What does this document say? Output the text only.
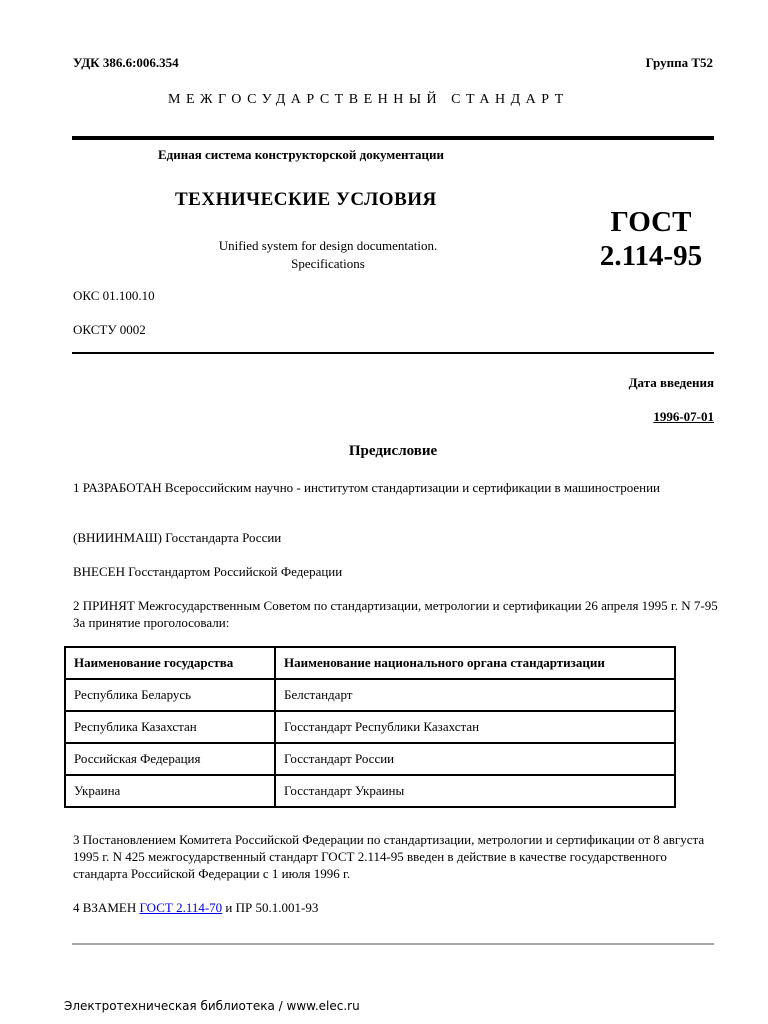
УДК 386.6:006.354	Группа Т52
МЕЖГОСУДАРСТВЕННЫЙ СТАНДАРТ
Единая система конструкторской документации
ТЕХНИЧЕСКИЕ УСЛОВИЯ
Unified system for design documentation.
Specifications
ГОСТ
2.114-95
ОКС 01.100.10
ОКСТУ 0002
Дата введения
1996-07-01
Предисловие
1 РАЗРАБОТАН Всероссийским научно - институтом стандартизации и сертификации в машиностроении
(ВНИИНМАШ) Госстандарта России
ВНЕСЕН Госстандартом Российской Федерации
2 ПРИНЯТ Межгосударственным Советом по стандартизации, метрологии и сертификации 26 апреля 1995 г. N 7-95 За принятие проголосовали:
Наименование государства	Наименование национального органа стандартизации
Республика Беларусь	Белстандарт
Республика Казахстан	Госстандарт Республики Казахстан
Российская Федерация	Госстандарт России
Украина	Госстандарт Украины
3 Постановлением Комитета Российской Федерации по стандартизации, метрологии и сертификации от 8 августа 1995 г. N 425 межгосударственный стандарт ГОСТ 2.114-95 введен в действие в качестве государственного стандарта Российской Федерации с 1 июля 1996 г.
4 ВЗАМЕН ГОСТ 2.114-70 и ПР 50.1.001-93
Электротехническая библиотека / www.elec.ru
